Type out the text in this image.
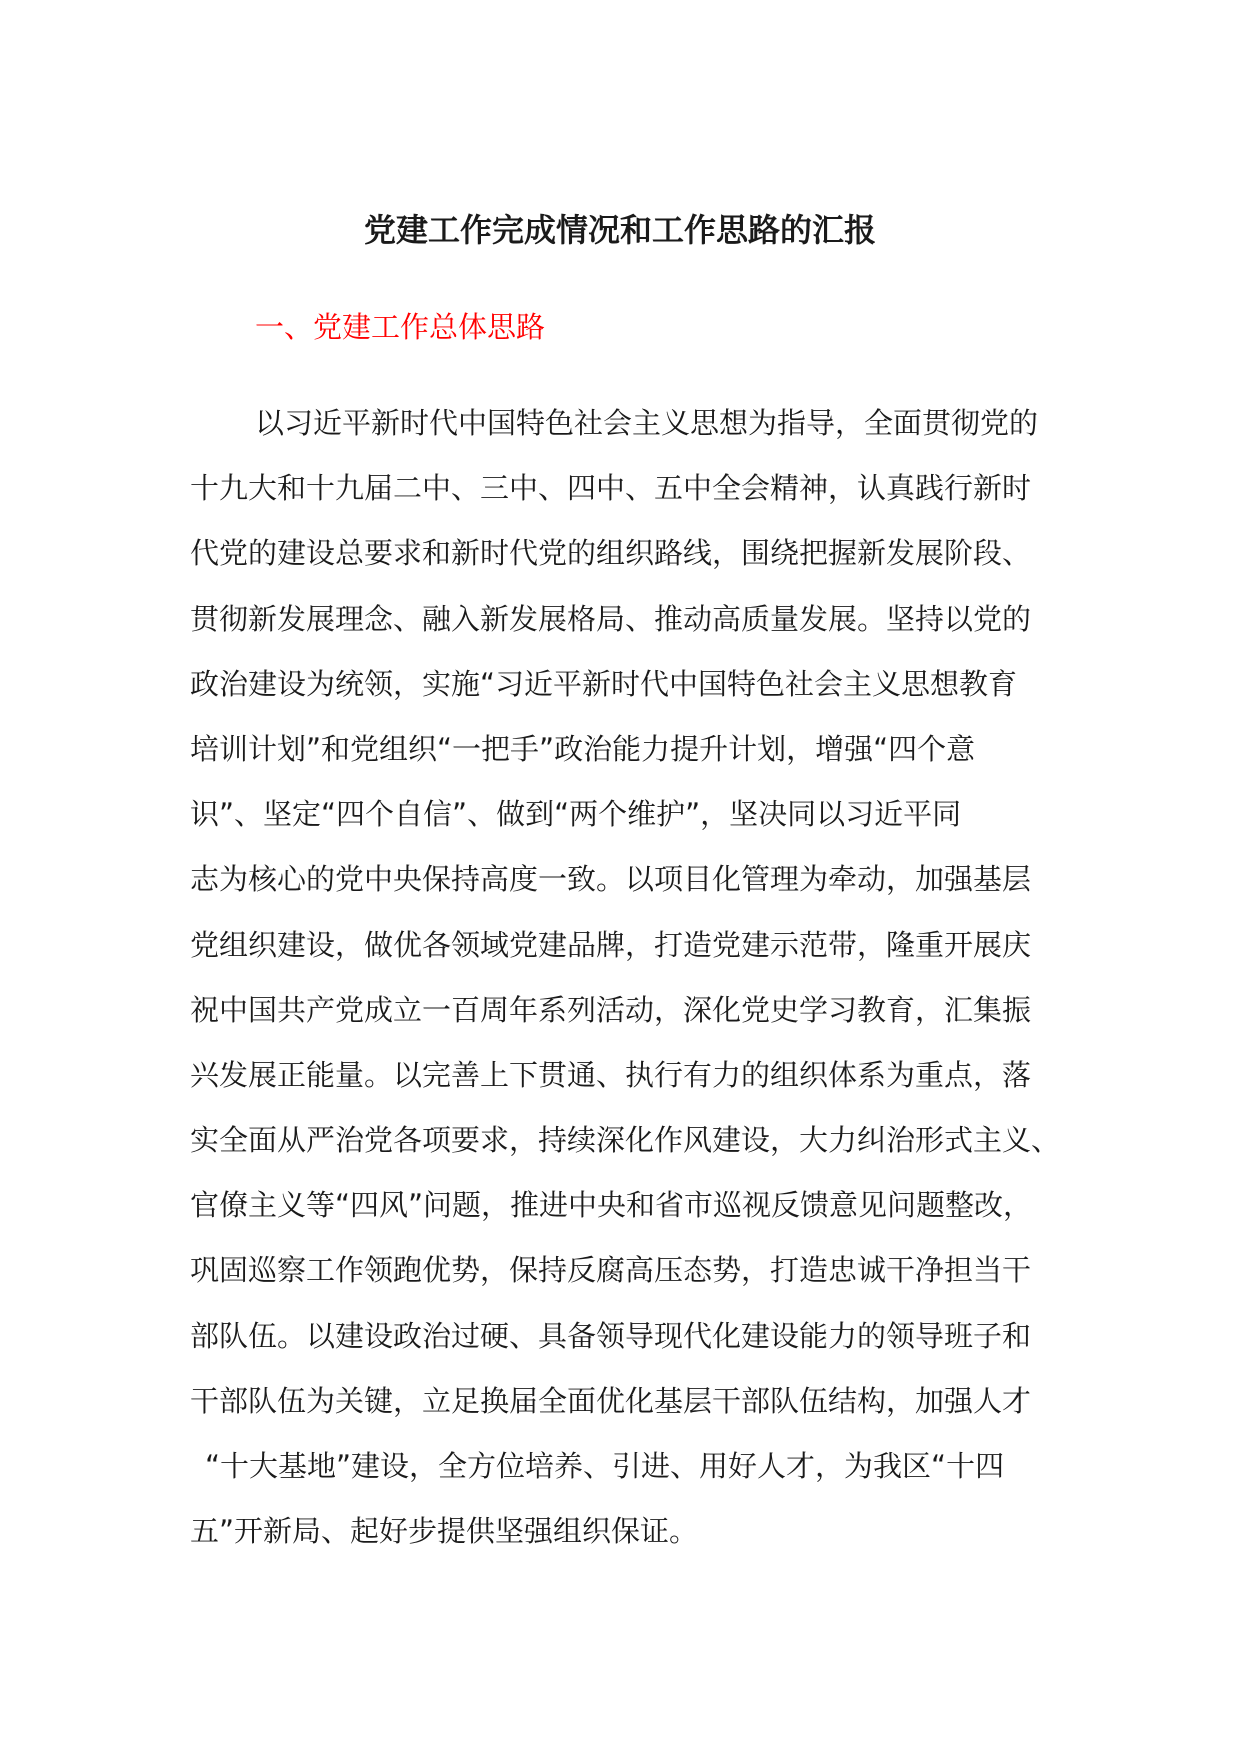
党建工作完成情况和工作思路的汇报
一、党建工作总体思路
以习近平新时代中国特色社会主义思想为指导，全面贯彻党的
十九大和十九届二中、三中、四中、五中全会精神，认真践行新时
代党的建设总要求和新时代党的组织路线，围绕把握新发展阶段、
贯彻新发展理念、融入新发展格局、推动高质量发展。坚持以党的
政治建设为统领，实施“习近平新时代中国特色社会主义思想教育
培训计划”和党组织“一把手”政治能力提升计划，增强“四个意
识”、坚定“四个自信”、做到“两个维护”，坚决同以习近平同
志为核心的党中央保持高度一致。以项目化管理为牵动，加强基层
党组织建设，做优各领域党建品牌，打造党建示范带，隆重开展庆
祝中国共产党成立一百周年系列活动，深化党史学习教育，汇集振
兴发展正能量。以完善上下贯通、执行有力的组织体系为重点，落
实全面从严治党各项要求，持续深化作风建设，大力纠治形式主义、
官僚主义等“四风”问题，推进中央和省市巡视反馈意见问题整改，
巩固巡察工作领跑优势，保持反腐高压态势，打造忠诚干净担当干
部队伍。以建设政治过硬、具备领导现代化建设能力的领导班子和
干部队伍为关键，立足换届全面优化基层干部队伍结构，加强人才
“十大基地”建设，全方位培养、引进、用好人才，为我区“十四
五”开新局、起好步提供坚强组织保证。
